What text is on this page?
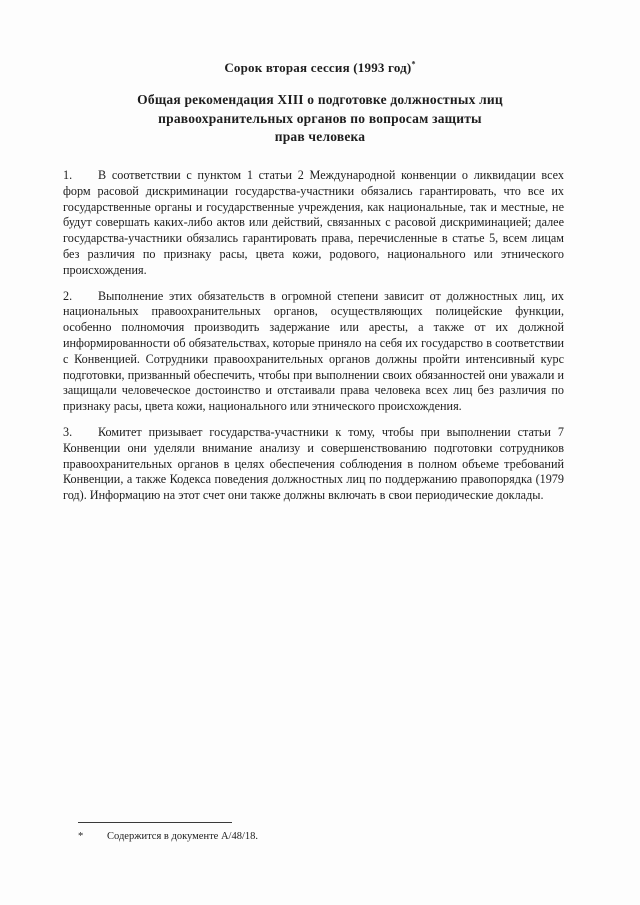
Сорок вторая сессия (1993 год)*
Общая рекомендация XIII о подготовке должностных лиц
правоохранительных органов по вопросам защиты
прав человека

1. В соответствии с пунктом 1 статьи 2 Международной конвенции о ликвидации всех форм расовой дискриминации государства-участники обязались гарантировать, что все их государственные органы и государственные учреждения, как национальные, так и местные, не будут совершать каких-либо актов или действий, связанных с расовой дискриминацией; далее государства-участники обязались гарантировать права, перечисленные в статье 5, всем лицам без различия по признаку расы, цвета кожи, родового, национального или этнического происхождения.

2. Выполнение этих обязательств в огромной степени зависит от должностных лиц, их национальных правоохранительных органов, осуществляющих полицейские функции, особенно полномочия производить задержание или аресты, а также от их должной информированности об обязательствах, которые приняло на себя их государство в соответствии с Конвенцией. Сотрудники правоохранительных органов должны пройти интенсивный курс подготовки, призванный обеспечить, чтобы при выполнении своих обязанностей они уважали и защищали человеческое достоинство и отстаивали права человека всех лиц без различия по признаку расы, цвета кожи, национального или этнического происхождения.

3. Комитет призывает государства-участники к тому, чтобы при выполнении статьи 7 Конвенции они уделяли внимание анализу и совершенствованию подготовки сотрудников правоохранительных органов в целях обеспечения соблюдения в полном объеме требований Конвенции, а также Кодекса поведения должностных лиц по поддержанию правопорядка (1979 год). Информацию на этот счет они также должны включать в свои периодические доклады.

* Содержится в документе A/48/18.
